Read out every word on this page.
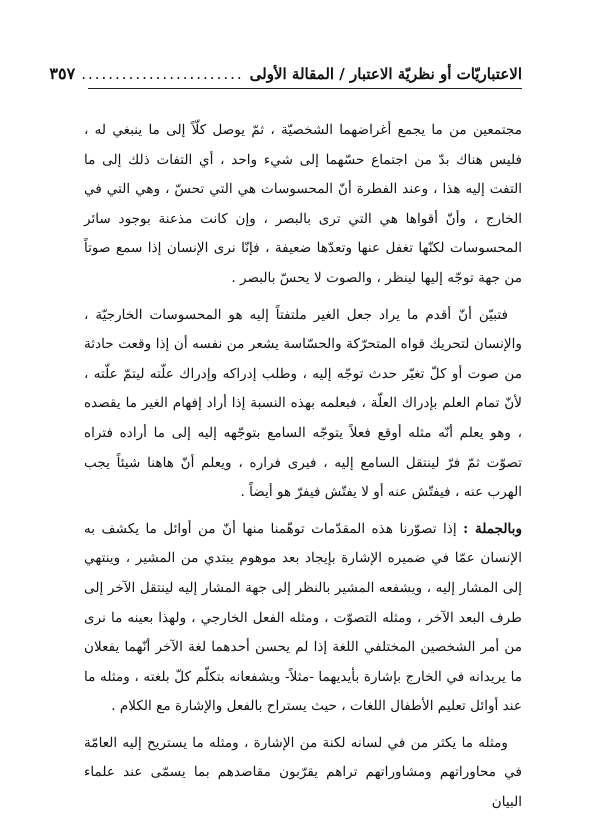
الاعتباريّات أو نظريّة الاعتبار / المقالة الأولى
........................
٣٥٧

مجتمعين من ما يجمع أغراضهما الشخصيّة ، ثمّ يوصل كلّاً إلى ما ينبغي له ، فليس هناك بدّ من اجتماع حسّهما إلى شيء واحد ، أي التفات ذلك إلى ما التفت إليه هذا ، وعند الفطرة أنّ المحسوسات هي التي تحسّ ، وهي التي في الخارج ، وأنّ أقواها هي التي ترى بالبصر ، وإن كانت مذعنة بوجود سائر المحسوسات لكنّها تغفل عنها وتعدّها ضعيفة ، فإنّا نرى الإنسان إذا سمع صوتاً من جهة توجّه إليها لينظر ، والصوت لا يحسّ بالبصر .

فتبيّن أنّ أقدم ما يراد جعل الغير ملتفتاً إليه هو المحسوسات الخارجيّة ، والإنسان لتحريك قواه المتحرّكة والحسّاسة يشعر من نفسه أن إذا وقعت حادثة من صوت أو كلّ تغيّر حدث توجّه إليه ، وطلب إدراكه وإدراك علّته ليتمّ علّته ، لأنّ تمام العلم بإدراك العلّة ، فبعلمه بهذه النسبة إذا أراد إفهام الغير ما يقصده ، وهو يعلم أنّه مثله أوقع فعلاً يتوجّه السامع بتوجّهه إليه إلى ما أراده فتراه تصوّت ثمّ فرّ لينتقل السامع إليه ، فيرى فراره ، ويعلم أنّ هاهنا شيئاً يجب الهرب عنه ، فيفتّش عنه أو لا يفتّش فيفرّ هو أيضاً .

وبالجملة : إذا تصوّرنا هذه المقدّمات توهّمنا منها أنّ من أوائل ما يكشف به الإنسان عمّا في ضميره الإشارة بإيجاد بعد موهوم يبتدي من المشير ، وينتهي إلى المشار إليه ، ويشفعه المشير بالنظر إلى جهة المشار إليه لينتقل الآخر إلى طرف البعد الآخر ، ومثله التصوّت ، ومثله الفعل الخارجي ، ولهذا بعينه ما نرى من أمر الشخصين المختلفي اللغة إذا لم يحسن أحدهما لغة الآخر أنّهما يفعلان ما يريدانه في الخارج بإشارة بأيديهما -مثلاً- ويشفعانه بتكلّم كلّ بلغته ، ومثله ما عند أوائل تعليم الأطفال اللغات ، حيث يستراح بالفعل والإشارة مع الكلام .

ومثله ما يكثر من في لسانه لكنة من الإشارة ، ومثله ما يستريح إليه العامّة في محاوراتهم ومشاوراتهم تراهم يقرّبون مقاصدهم بما يسمّى عند علماء البيان
